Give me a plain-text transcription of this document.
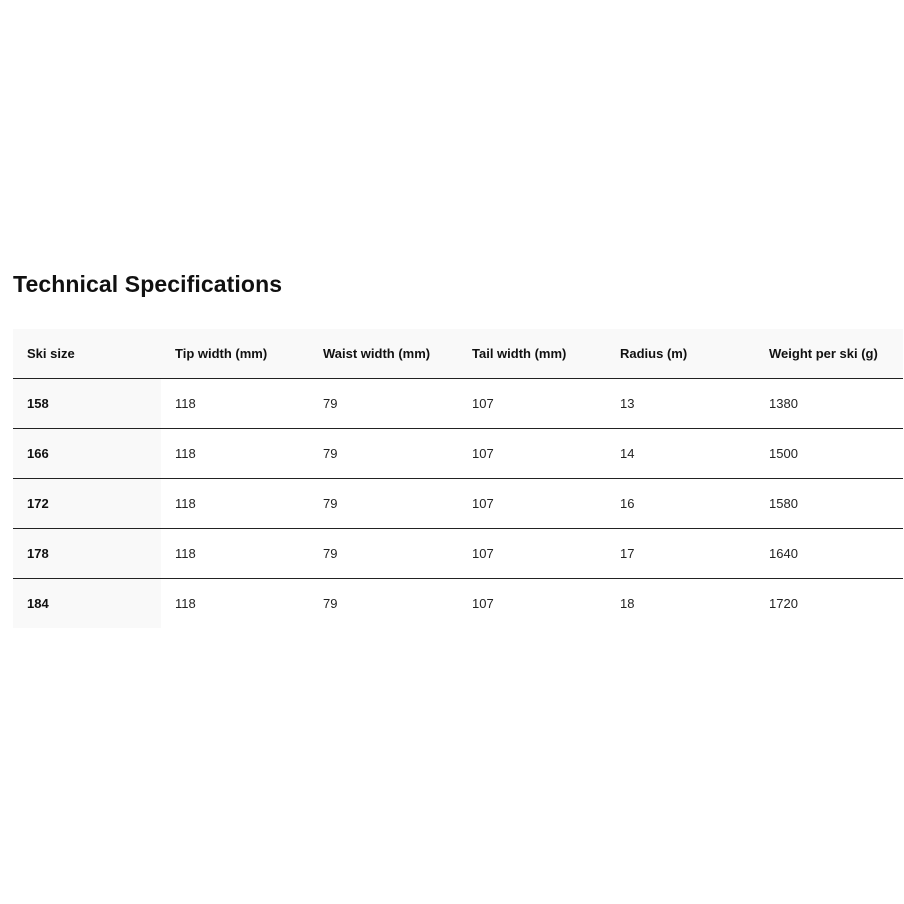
Technical Specifications
Ski size	Tip width (mm)	Waist width (mm)	Tail width (mm)	Radius (m)	Weight per ski (g)
158	118	79	107	13	1380
166	118	79	107	14	1500
172	118	79	107	16	1580
178	118	79	107	17	1640
184	118	79	107	18	1720
